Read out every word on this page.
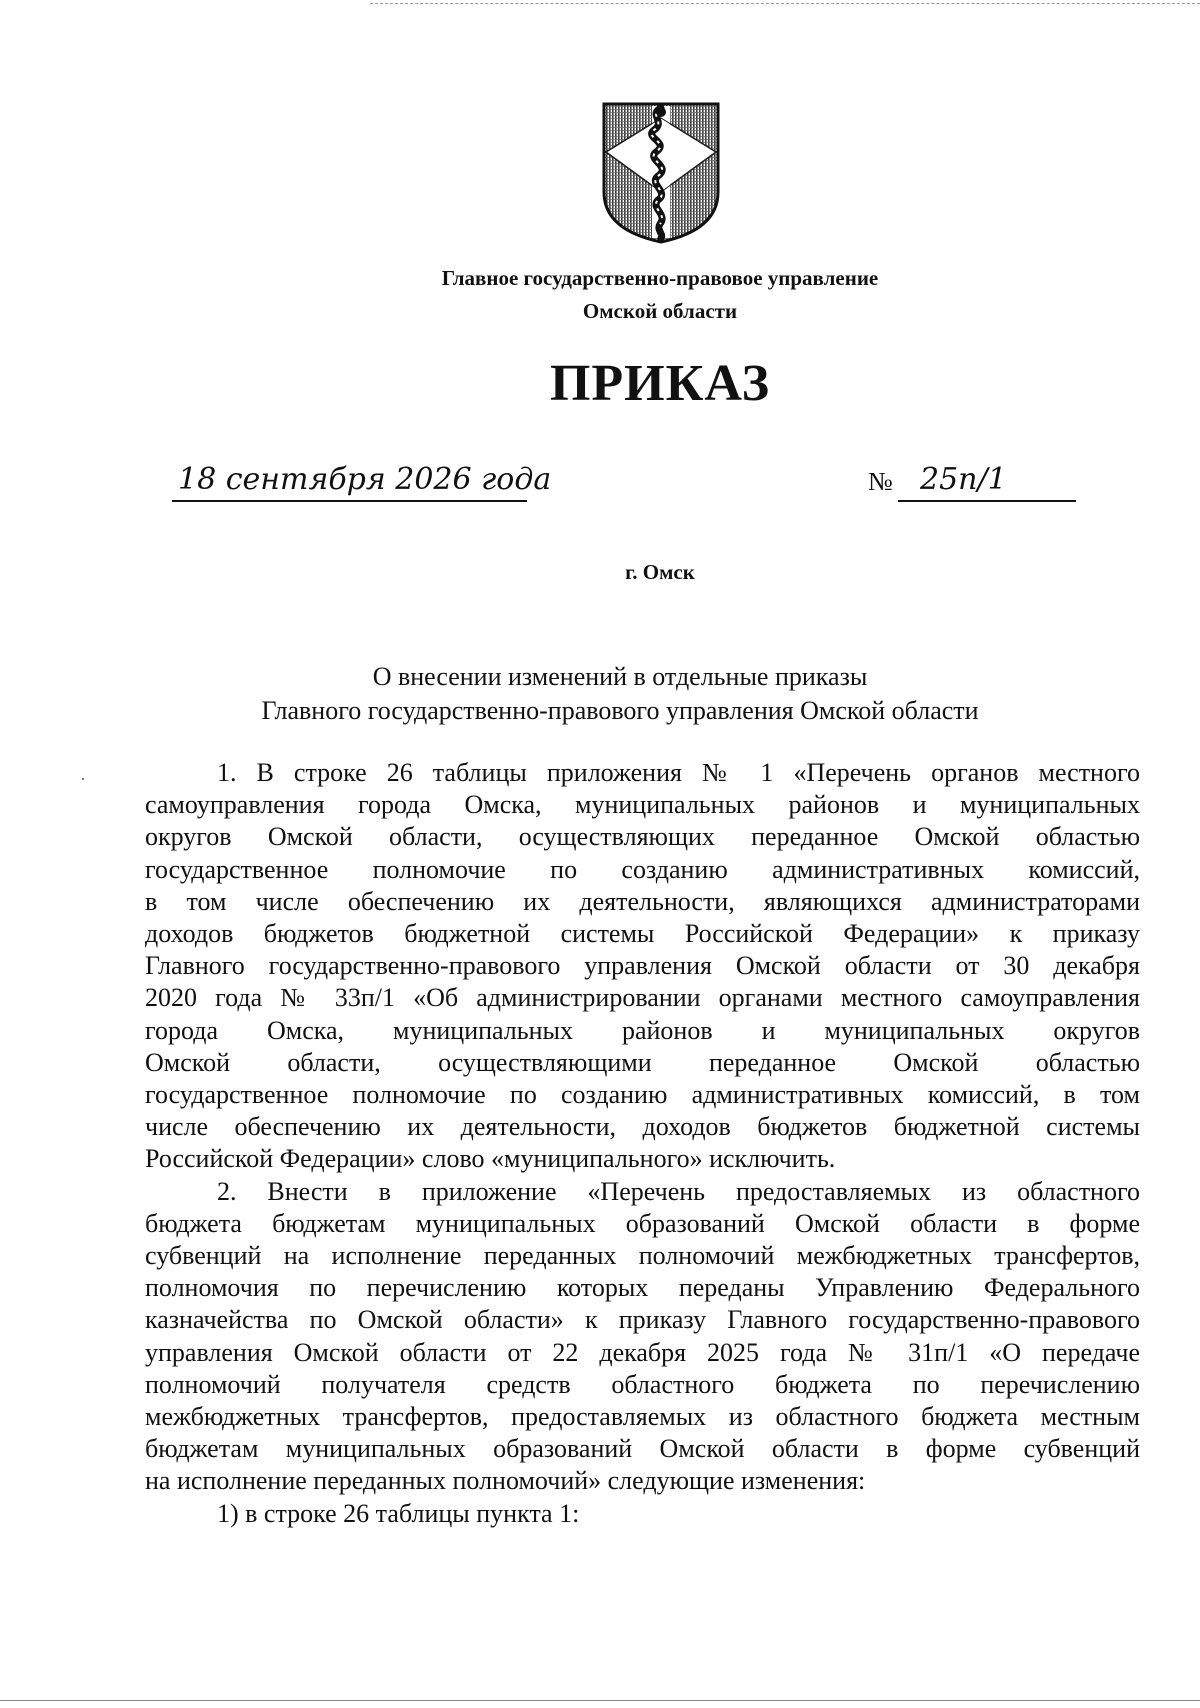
Главное государственно-правовое управление
Омской области
ПРИКАЗ
18 сентября 2026 года	№ 25п/1
г. Омск
О внесении изменений в отдельные приказы
Главного государственно-правового управления Омской области
1. В строке 26 таблицы приложения № 1 «Перечень органов местного
самоуправления города Омска, муниципальных районов и муниципальных
округов Омской области, осуществляющих переданное Омской областью
государственное полномочие по созданию административных комиссий,
в том числе обеспечению их деятельности, являющихся администраторами
доходов бюджетов бюджетной системы Российской Федерации» к приказу
Главного государственно-правового управления Омской области от 30 декабря
2020 года № 33п/1 «Об администрировании органами местного самоуправления
города Омска, муниципальных районов и муниципальных округов
Омской области, осуществляющими переданное Омской областью
государственное полномочие по созданию административных комиссий, в том
числе обеспечению их деятельности, доходов бюджетов бюджетной системы
Российской Федерации» слово «муниципального» исключить.
2. Внести в приложение «Перечень предоставляемых из областного
бюджета бюджетам муниципальных образований Омской области в форме
субвенций на исполнение переданных полномочий межбюджетных трансфертов,
полномочия по перечислению которых переданы Управлению Федерального
казначейства по Омской области» к приказу Главного государственно-правового
управления Омской области от 22 декабря 2025 года № 31п/1 «О передаче
полномочий получателя средств областного бюджета по перечислению
межбюджетных трансфертов, предоставляемых из областного бюджета местным
бюджетам муниципальных образований Омской области в форме субвенций
на исполнение переданных полномочий» следующие изменения:
1) в строке 26 таблицы пункта 1:
